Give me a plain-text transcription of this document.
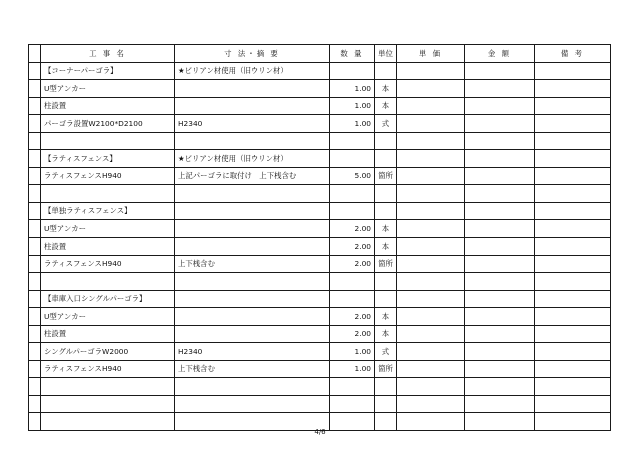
	工 事 名	寸 法・摘 要	数 量	単位	単 価	金 額	備 考
	【コーナーパーゴラ】	★ビリアン材使用（旧ウリン材）					
	U型アンカー		1.00	本			
	柱設置		1.00	本			
	パーゴラ設置W2100*D2100	H2340	1.00	式			

	【ラティスフェンス】	★ビリアン材使用（旧ウリン材）					
	ラティスフェンスH940	上記パーゴラに取付け　上下桟含む	5.00	箇所			

	【単独ラティスフェンス】						
	U型アンカー		2.00	本			
	柱設置		2.00	本			
	ラティスフェンスH940	上下桟含む	2.00	箇所			

	【車庫入口シングルパーゴラ】						
	U型アンカー		2.00	本			
	柱設置		2.00	本			
	シングルパーゴラW2000	H2340	1.00	式			
	ラティスフェンスH940	上下桟含む	1.00	箇所			

4/6
